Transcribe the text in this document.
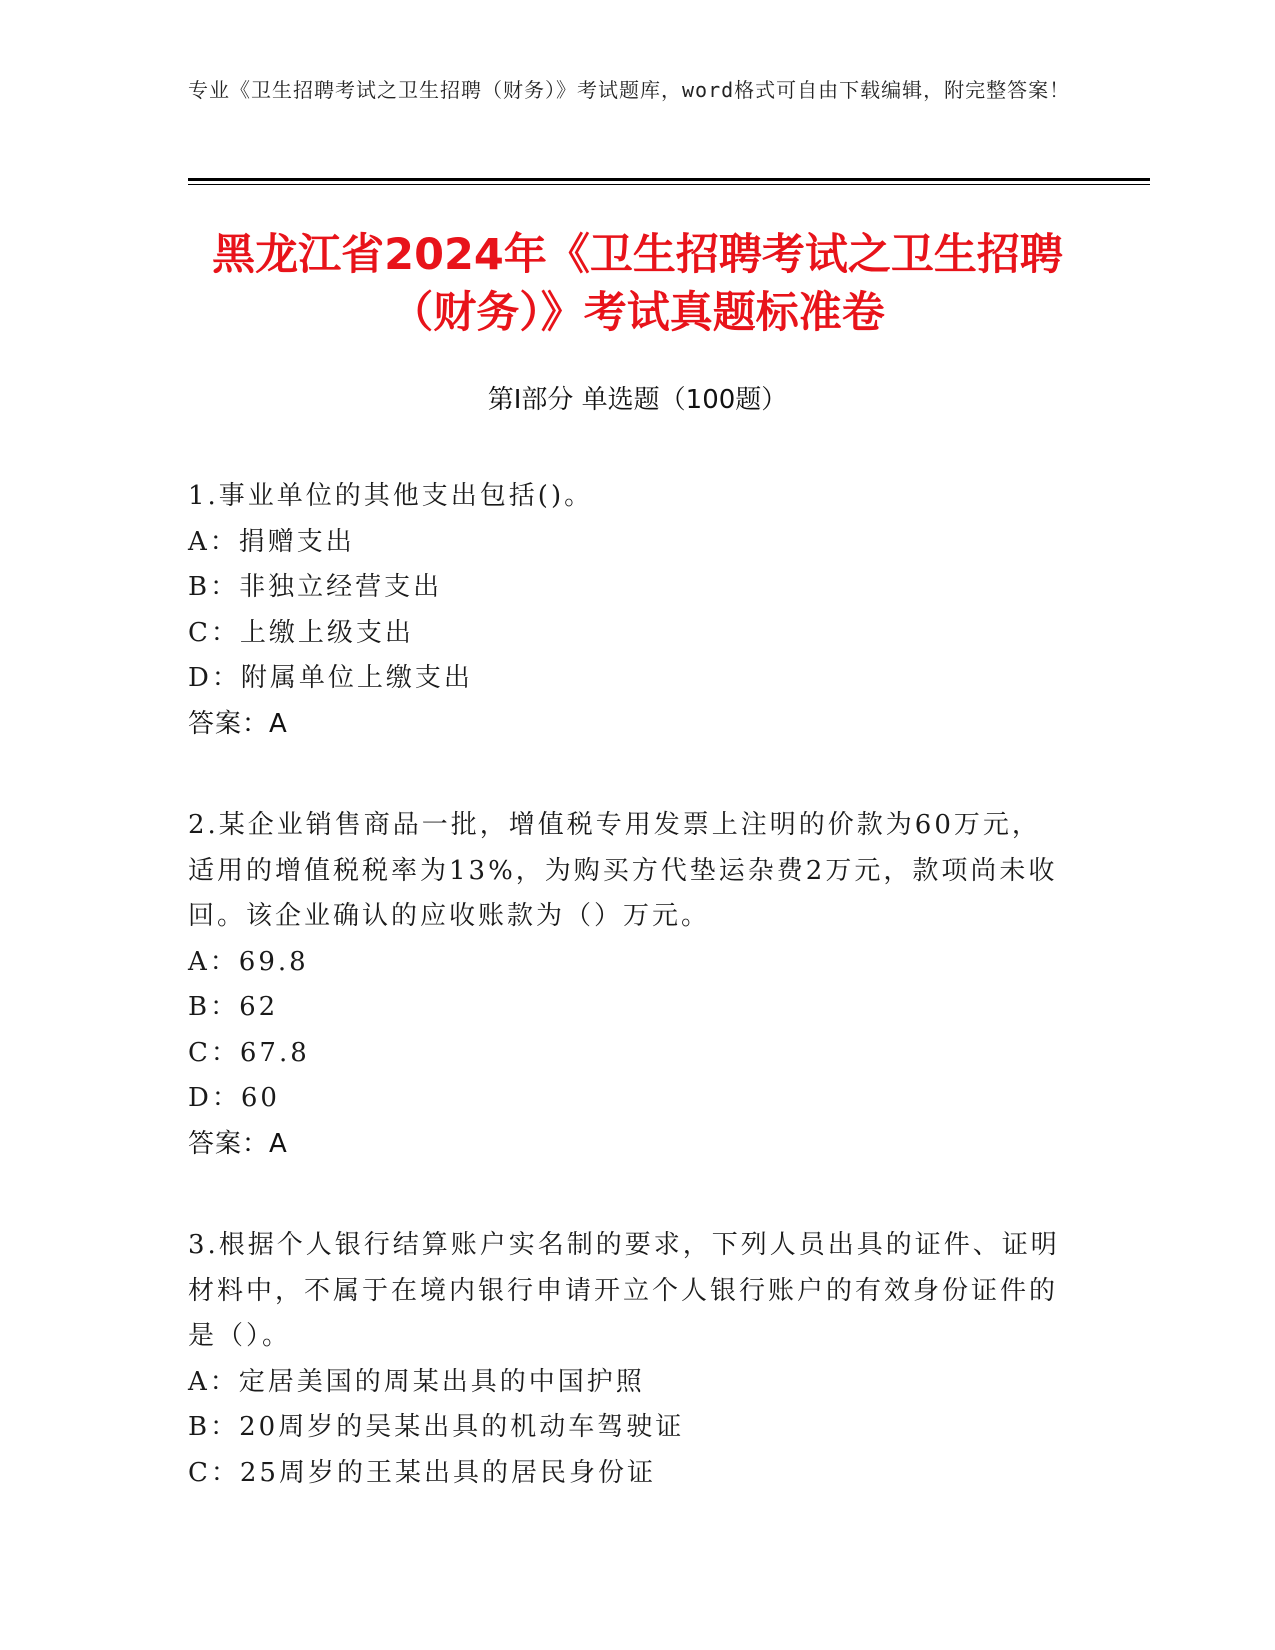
专业《卫生招聘考试之卫生招聘（财务）》考试题库，word格式可自由下载编辑，附完整答案！
黑龙江省2024年《卫生招聘考试之卫生招聘
（财务）》考试真题标准卷
第Ⅰ部分 单选题（100题）
1.事业单位的其他支出包括()。
A：捐赠支出
B：非独立经营支出
C：上缴上级支出
D：附属单位上缴支出
答案：A
2.某企业销售商品一批，增值税专用发票上注明的价款为60万元，适用的增值税税率为13%，为购买方代垫运杂费2万元，款项尚未收回。该企业确认的应收账款为（）万元。
A：69.8
B：62
C：67.8
D：60
答案：A
3.根据个人银行结算账户实名制的要求，下列人员出具的证件、证明材料中，不属于在境内银行申请开立个人银行账户的有效身份证件的是（）。
A：定居美国的周某出具的中国护照
B：20周岁的吴某出具的机动车驾驶证
C：25周岁的王某出具的居民身份证
